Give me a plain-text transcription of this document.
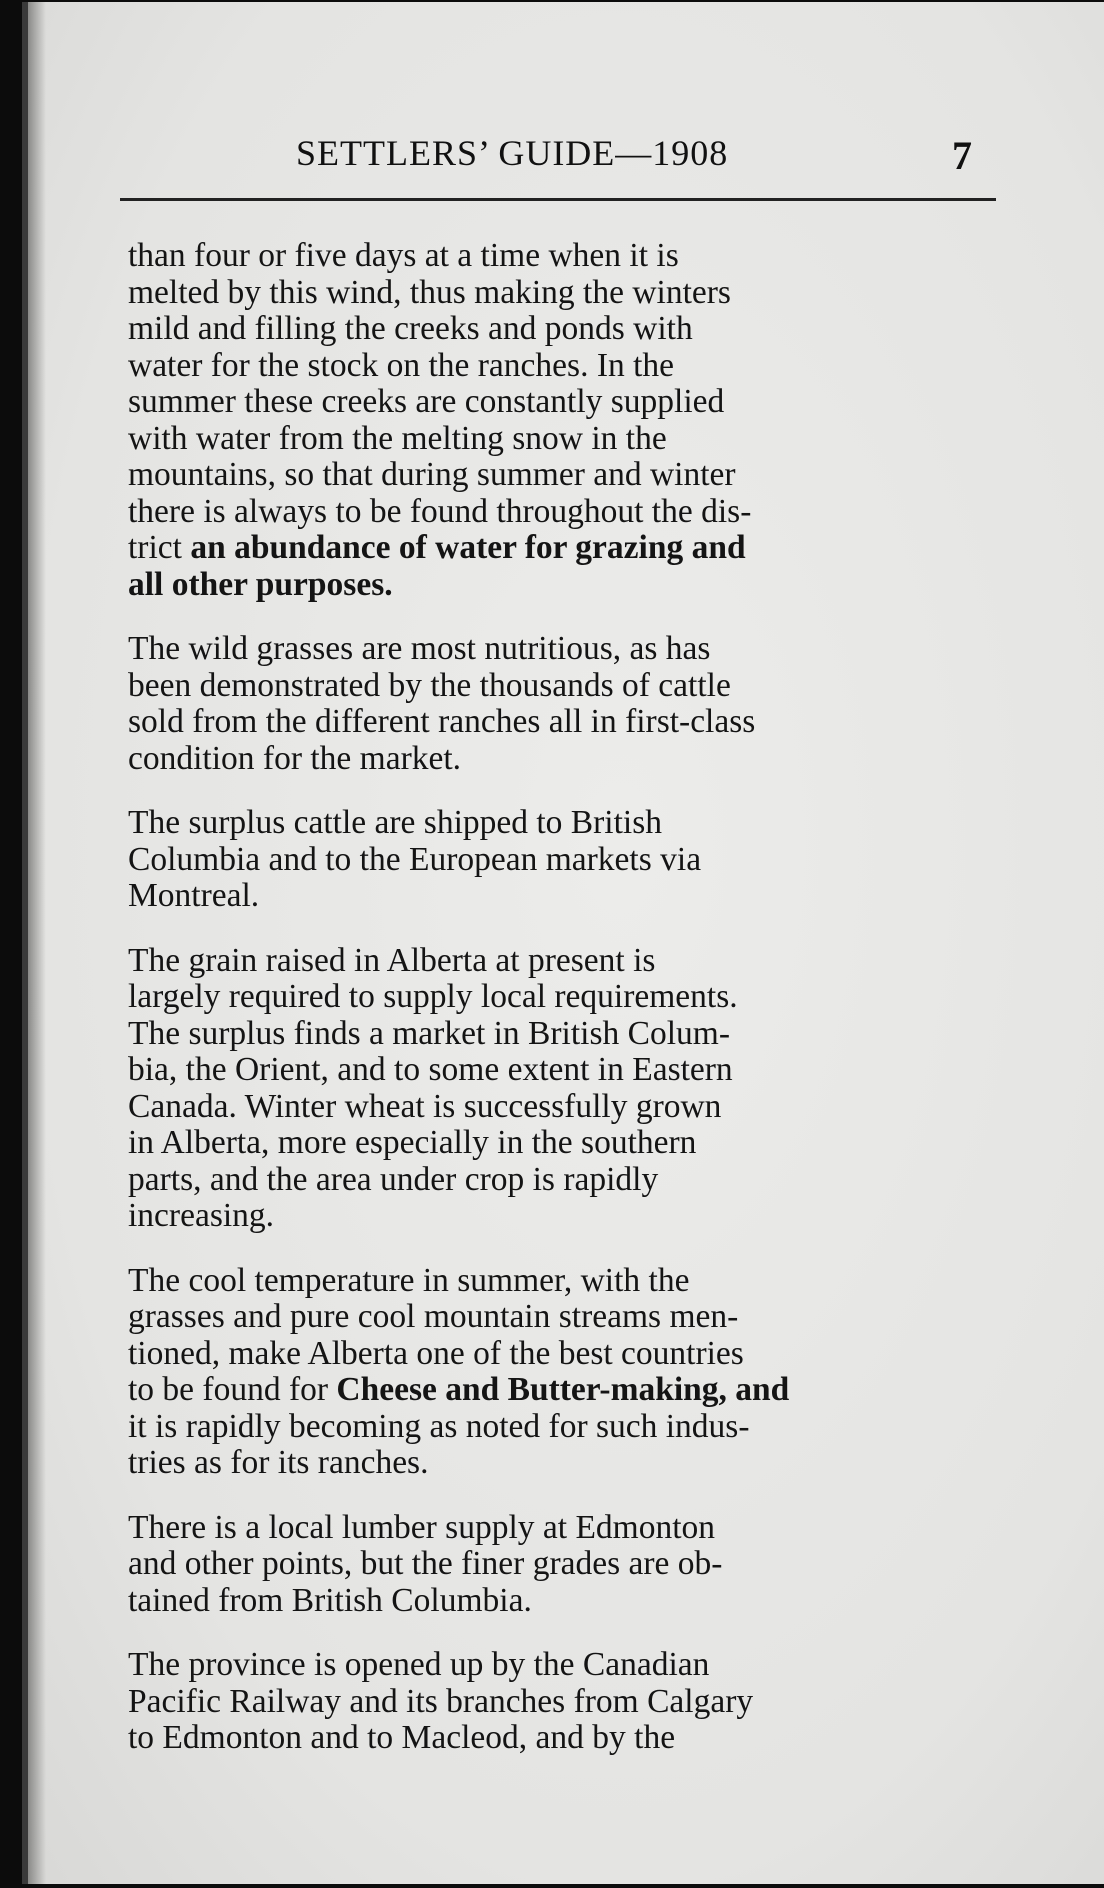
SETTLERS’ GUIDE—1908	7

than four or five days at a time when it is
melted by this wind, thus making the winters
mild and filling the creeks and ponds with
water for the stock on the ranches. In the
summer these creeks are constantly supplied
with water from the melting snow in the
mountains, so that during summer and winter
there is always to be found throughout the dis-
trict an abundance of water for grazing and
all other purposes.

The wild grasses are most nutritious, as has
been demonstrated by the thousands of cattle
sold from the different ranches all in first-class
condition for the market.

The surplus cattle are shipped to British
Columbia and to the European markets via
Montreal.

The grain raised in Alberta at present is
largely required to supply local requirements.
The surplus finds a market in British Colum-
bia, the Orient, and to some extent in Eastern
Canada. Winter wheat is successfully grown
in Alberta, more especially in the southern
parts, and the area under crop is rapidly
increasing.

The cool temperature in summer, with the
grasses and pure cool mountain streams men-
tioned, make Alberta one of the best countries
to be found for Cheese and Butter-making, and
it is rapidly becoming as noted for such indus-
tries as for its ranches.

There is a local lumber supply at Edmonton
and other points, but the finer grades are ob-
tained from British Columbia.

The province is opened up by the Canadian
Pacific Railway and its branches from Calgary
to Edmonton and to Macleod, and by the
